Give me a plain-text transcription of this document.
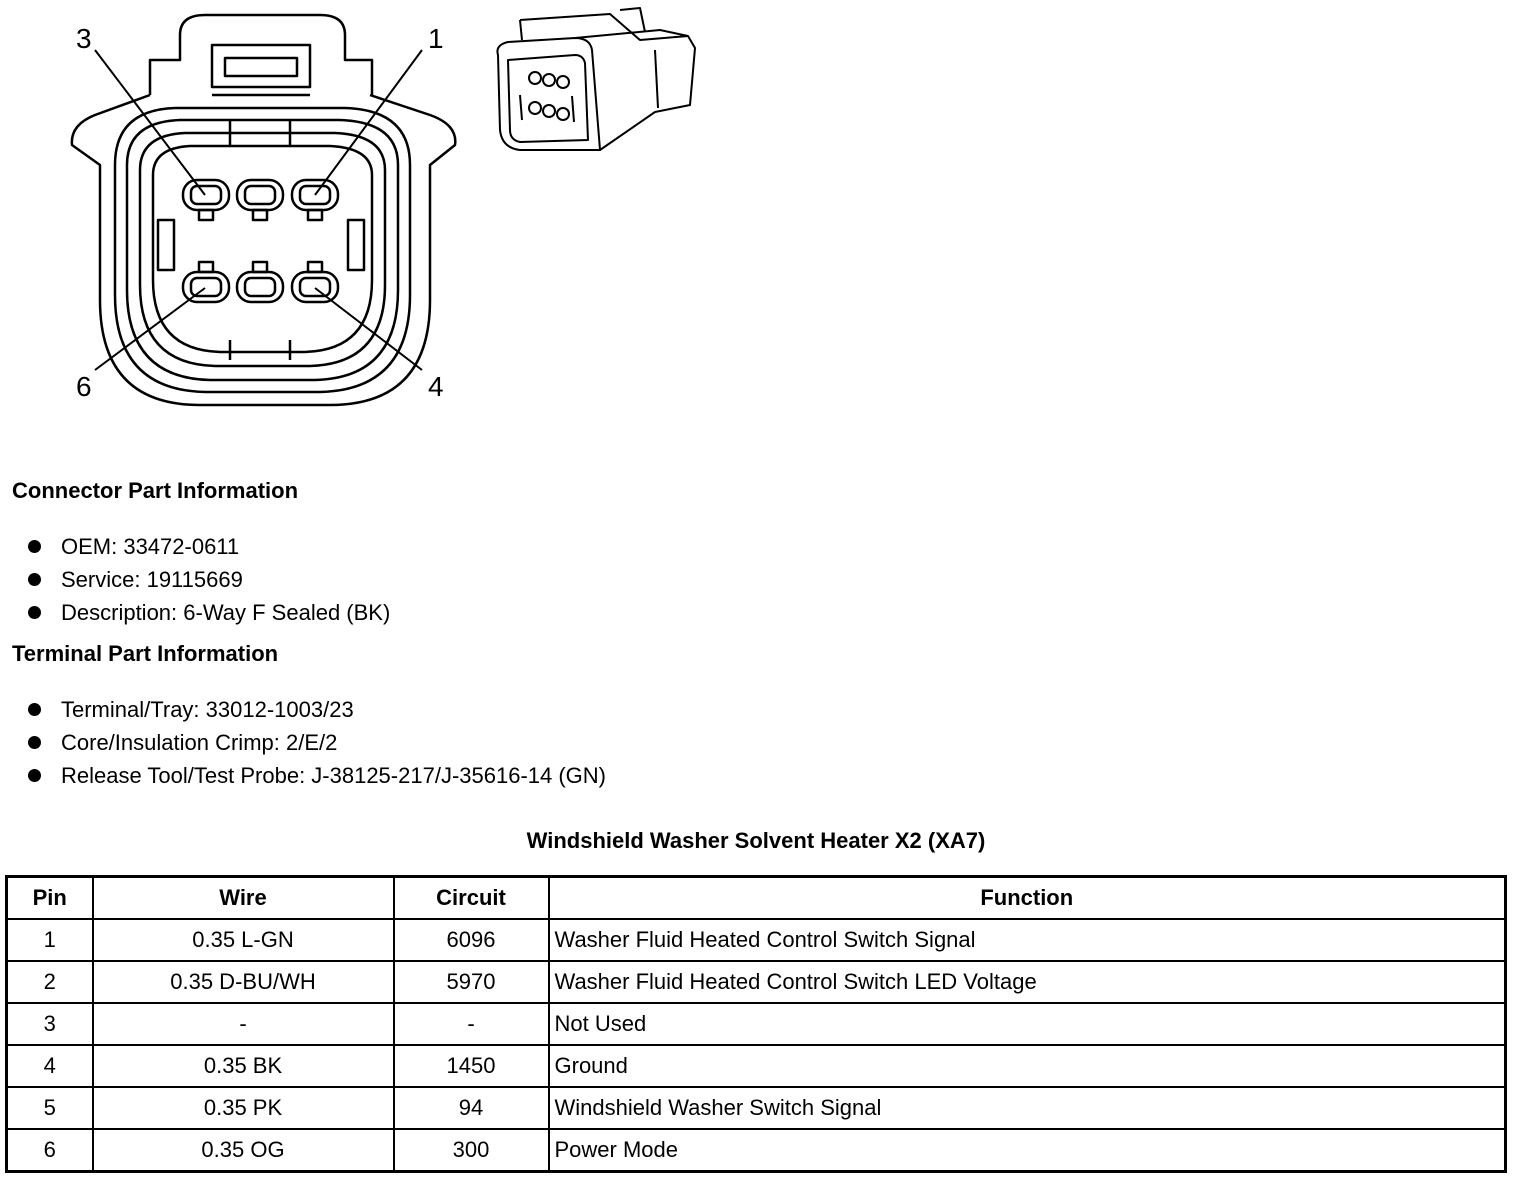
3	1
6	4
Connector Part Information
OEM: 33472-0611
Service: 19115669
Description: 6-Way F Sealed (BK)
Terminal Part Information
Terminal/Tray: 33012-1003/23
Core/Insulation Crimp: 2/E/2
Release Tool/Test Probe: J-38125-217/J-35616-14 (GN)
Windshield Washer Solvent Heater X2 (XA7)
Pin	Wire	Circuit	Function
1	0.35 L-GN	6096	Washer Fluid Heated Control Switch Signal
2	0.35 D-BU/WH	5970	Washer Fluid Heated Control Switch LED Voltage
3	-	-	Not Used
4	0.35 BK	1450	Ground
5	0.35 PK	94	Windshield Washer Switch Signal
6	0.35 OG	300	Power Mode
